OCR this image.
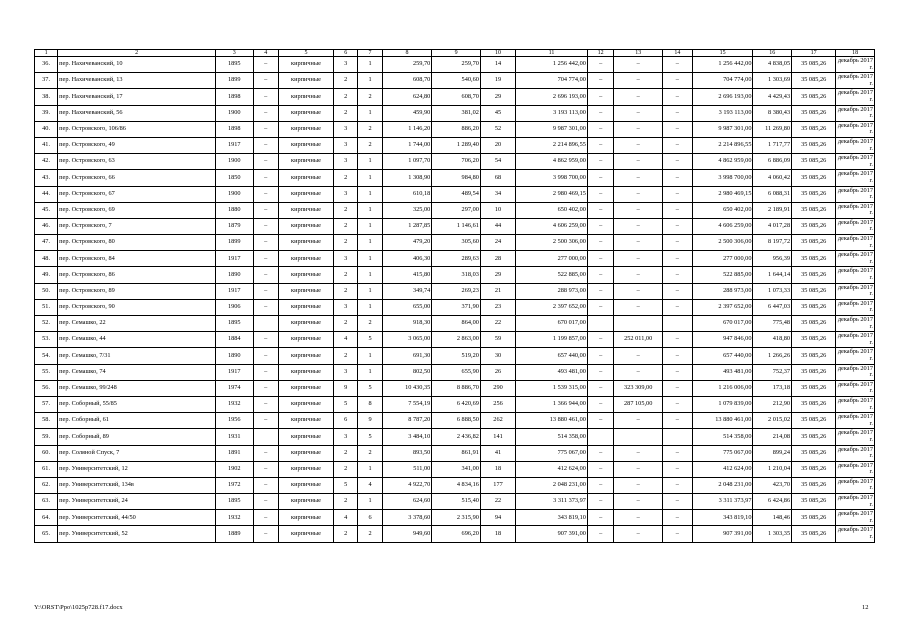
1	2	3	4	5	6	7	8	9	10	11	12	13	14	15	16	17	18
36.	пер. Нахичеванский, 10	1895	–	кирпичные	3	1	259,70	259,70	14	1 256 442,00	–	–	–	1 256 442,00	4 838,05	35 085,26	декабрь 2017 г.
37.	пер. Нахичеванский, 13	1899	–	кирпичные	2	1	608,70	540,60	19	704 774,00	–	–	–	704 774,00	1 303,69	35 085,26	декабрь 2017 г.
38.	пер. Нахичеванский, 17	1898	–	кирпичные	2	2	624,80	608,70	29	2 696 193,00	–	–	–	2 696 193,00	4 429,43	35 085,26	декабрь 2017 г.
39.	пер. Нахичеванский, 56	1900	–	кирпичные	2	1	459,90	381,02	45	3 193 113,00	–	–	–	3 193 113,00	8 380,43	35 085,26	декабрь 2017 г.
40.	пер. Островского, 106/86	1898	–	кирпичные	3	2	1 146,20	886,20	52	9 987 301,00	–	–	–	9 987 301,00	11 269,80	35 085,26	декабрь 2017 г.
41.	пер. Островского, 49	1917	–	кирпичные	3	2	1 744,00	1 289,40	20	2 214 896,55	–	–	–	2 214 896,55	1 717,77	35 085,26	декабрь 2017 г.
42.	пер. Островского, 63	1900	–	кирпичные	3	1	1 097,70	706,20	54	4 862 959,00	–	–	–	4 862 959,00	6 886,09	35 085,26	декабрь 2017 г.
43.	пер. Островского, 66	1850	–	кирпичные	2	1	1 308,90	984,80	68	3 998 700,00	–	–	–	3 998 700,00	4 060,42	35 085,26	декабрь 2017 г.
44.	пер. Островского, 67	1900	–	кирпичные	3	1	610,18	489,54	34	2 980 469,15	–	–	–	2 980 469,15	6 088,31	35 085,26	декабрь 2017 г.
45.	пер. Островского, 69	1880	–	кирпичные	2	1	325,00	297,00	10	650 402,00	–	–	–	650 402,00	2 189,91	35 085,26	декабрь 2017 г.
46.	пер. Островского, 7	1879	–	кирпичные	2	1	1 287,85	1 146,61	44	4 606 259,00	–	–	–	4 606 259,00	4 017,28	35 085,26	декабрь 2017 г.
47.	пер. Островского, 80	1899	–	кирпичные	2	1	479,20	305,60	24	2 500 306,00	–	–	–	2 500 306,00	8 197,72	35 085,26	декабрь 2017 г.
48.	пер. Островского, 84	1917	–	кирпичные	3	1	406,30	289,63	28	277 000,00	–	–	–	277 000,00	956,39	35 085,26	декабрь 2017 г.
49.	пер. Островского, 86	1890	–	кирпичные	2	1	415,80	318,03	29	522 885,00	–	–	–	522 885,00	1 644,14	35 085,26	декабрь 2017 г.
50.	пер. Островского, 89	1917	–	кирпичные	2	1	349,74	269,23	21	288 973,00	–	–	–	288 973,00	1 073,33	35 085,26	декабрь 2017 г.
51.	пер. Островского, 90	1906	–	кирпичные	3	1	655,00	371,90	23	2 397 652,00	–	–	–	2 397 652,00	6 447,03	35 085,26	декабрь 2017 г.
52.	пер. Семашко, 22	1895		кирпичные	2	2	918,30	864,00	22	670 017,00				670 017,00	775,48	35 085,26	декабрь 2017 г.
53.	пер. Семашко, 44	1884	–	кирпичные	4	5	3 065,00	2 863,00	59	1 199 857,00	–	252 011,00	–	947 846,00	418,80	35 085,26	декабрь 2017 г.
54.	пер. Семашко, 7/31	1890	–	кирпичные	2	1	691,30	519,20	30	657 440,00	–	–	–	657 440,00	1 266,26	35 085,26	декабрь 2017 г.
55.	пер. Семашко, 74	1917	–	кирпичные	3	1	802,50	655,90	26	493 481,00	–	–	–	493 481,00	752,37	35 085,26	декабрь 2017 г.
56.	пер. Семашко, 99/248	1974	–	кирпичные	9	5	10 430,35	8 886,70	290	1 539 315,00	–	323 309,00	–	1 216 006,00	173,18	35 085,26	декабрь 2017 г.
57.	пер. Соборный, 55/85	1932	–	кирпичные	5	8	7 554,19	6 420,69	256	1 366 944,00	–	287 105,00	–	1 079 839,00	212,90	35 085,26	декабрь 2017 г.
58.	пер. Соборный, 61	1956	–	кирпичные	6	9	8 787,20	6 888,50	262	13 880 461,00	–	–	–	13 880 461,00	2 015,02	35 085,26	декабрь 2017 г.
59.	пер. Соборный, 89	1931		кирпичные	3	5	3 484,10	2 436,82	141	514 358,00				514 358,00	214,08	35 085,26	декабрь 2017 г.
60.	пер. Соляной Спуск, 7	1891	–	кирпичные	2	2	893,50	861,91	41	775 067,00	–	–	–	775 067,00	899,24	35 085,26	декабрь 2017 г.
61.	пер. Университетский, 12	1902	–	кирпичные	2	1	511,00	341,00	18	412 624,00	–	–	–	412 624,00	1 210,04	35 085,26	декабрь 2017 г.
62.	пер. Университетский, 134в	1972	–	кирпичные	5	4	4 922,70	4 834,16	177	2 048 231,00	–	–	–	2 048 231,00	423,70	35 085,26	декабрь 2017 г.
63.	пер. Университетский, 24	1895	–	кирпичные	2	1	624,60	515,40	22	3 311 373,97	–	–	–	3 311 373,97	6 424,86	35 085,26	декабрь 2017 г.
64.	пер. Университетский, 44/50	1932	–	кирпичные	4	6	3 378,60	2 315,90	94	343 819,10	–	–	–	343 819,10	148,46	35 085,26	декабрь 2017 г.
65.	пер. Университетский, 52	1889	–	кирпичные	2	2	949,60	696,20	18	907 391,00	–	–	–	907 391,00	1 303,35	35 085,26	декабрь 2017 г.
Y:\ORST\Ppo\1025p728.f17.docx	12
